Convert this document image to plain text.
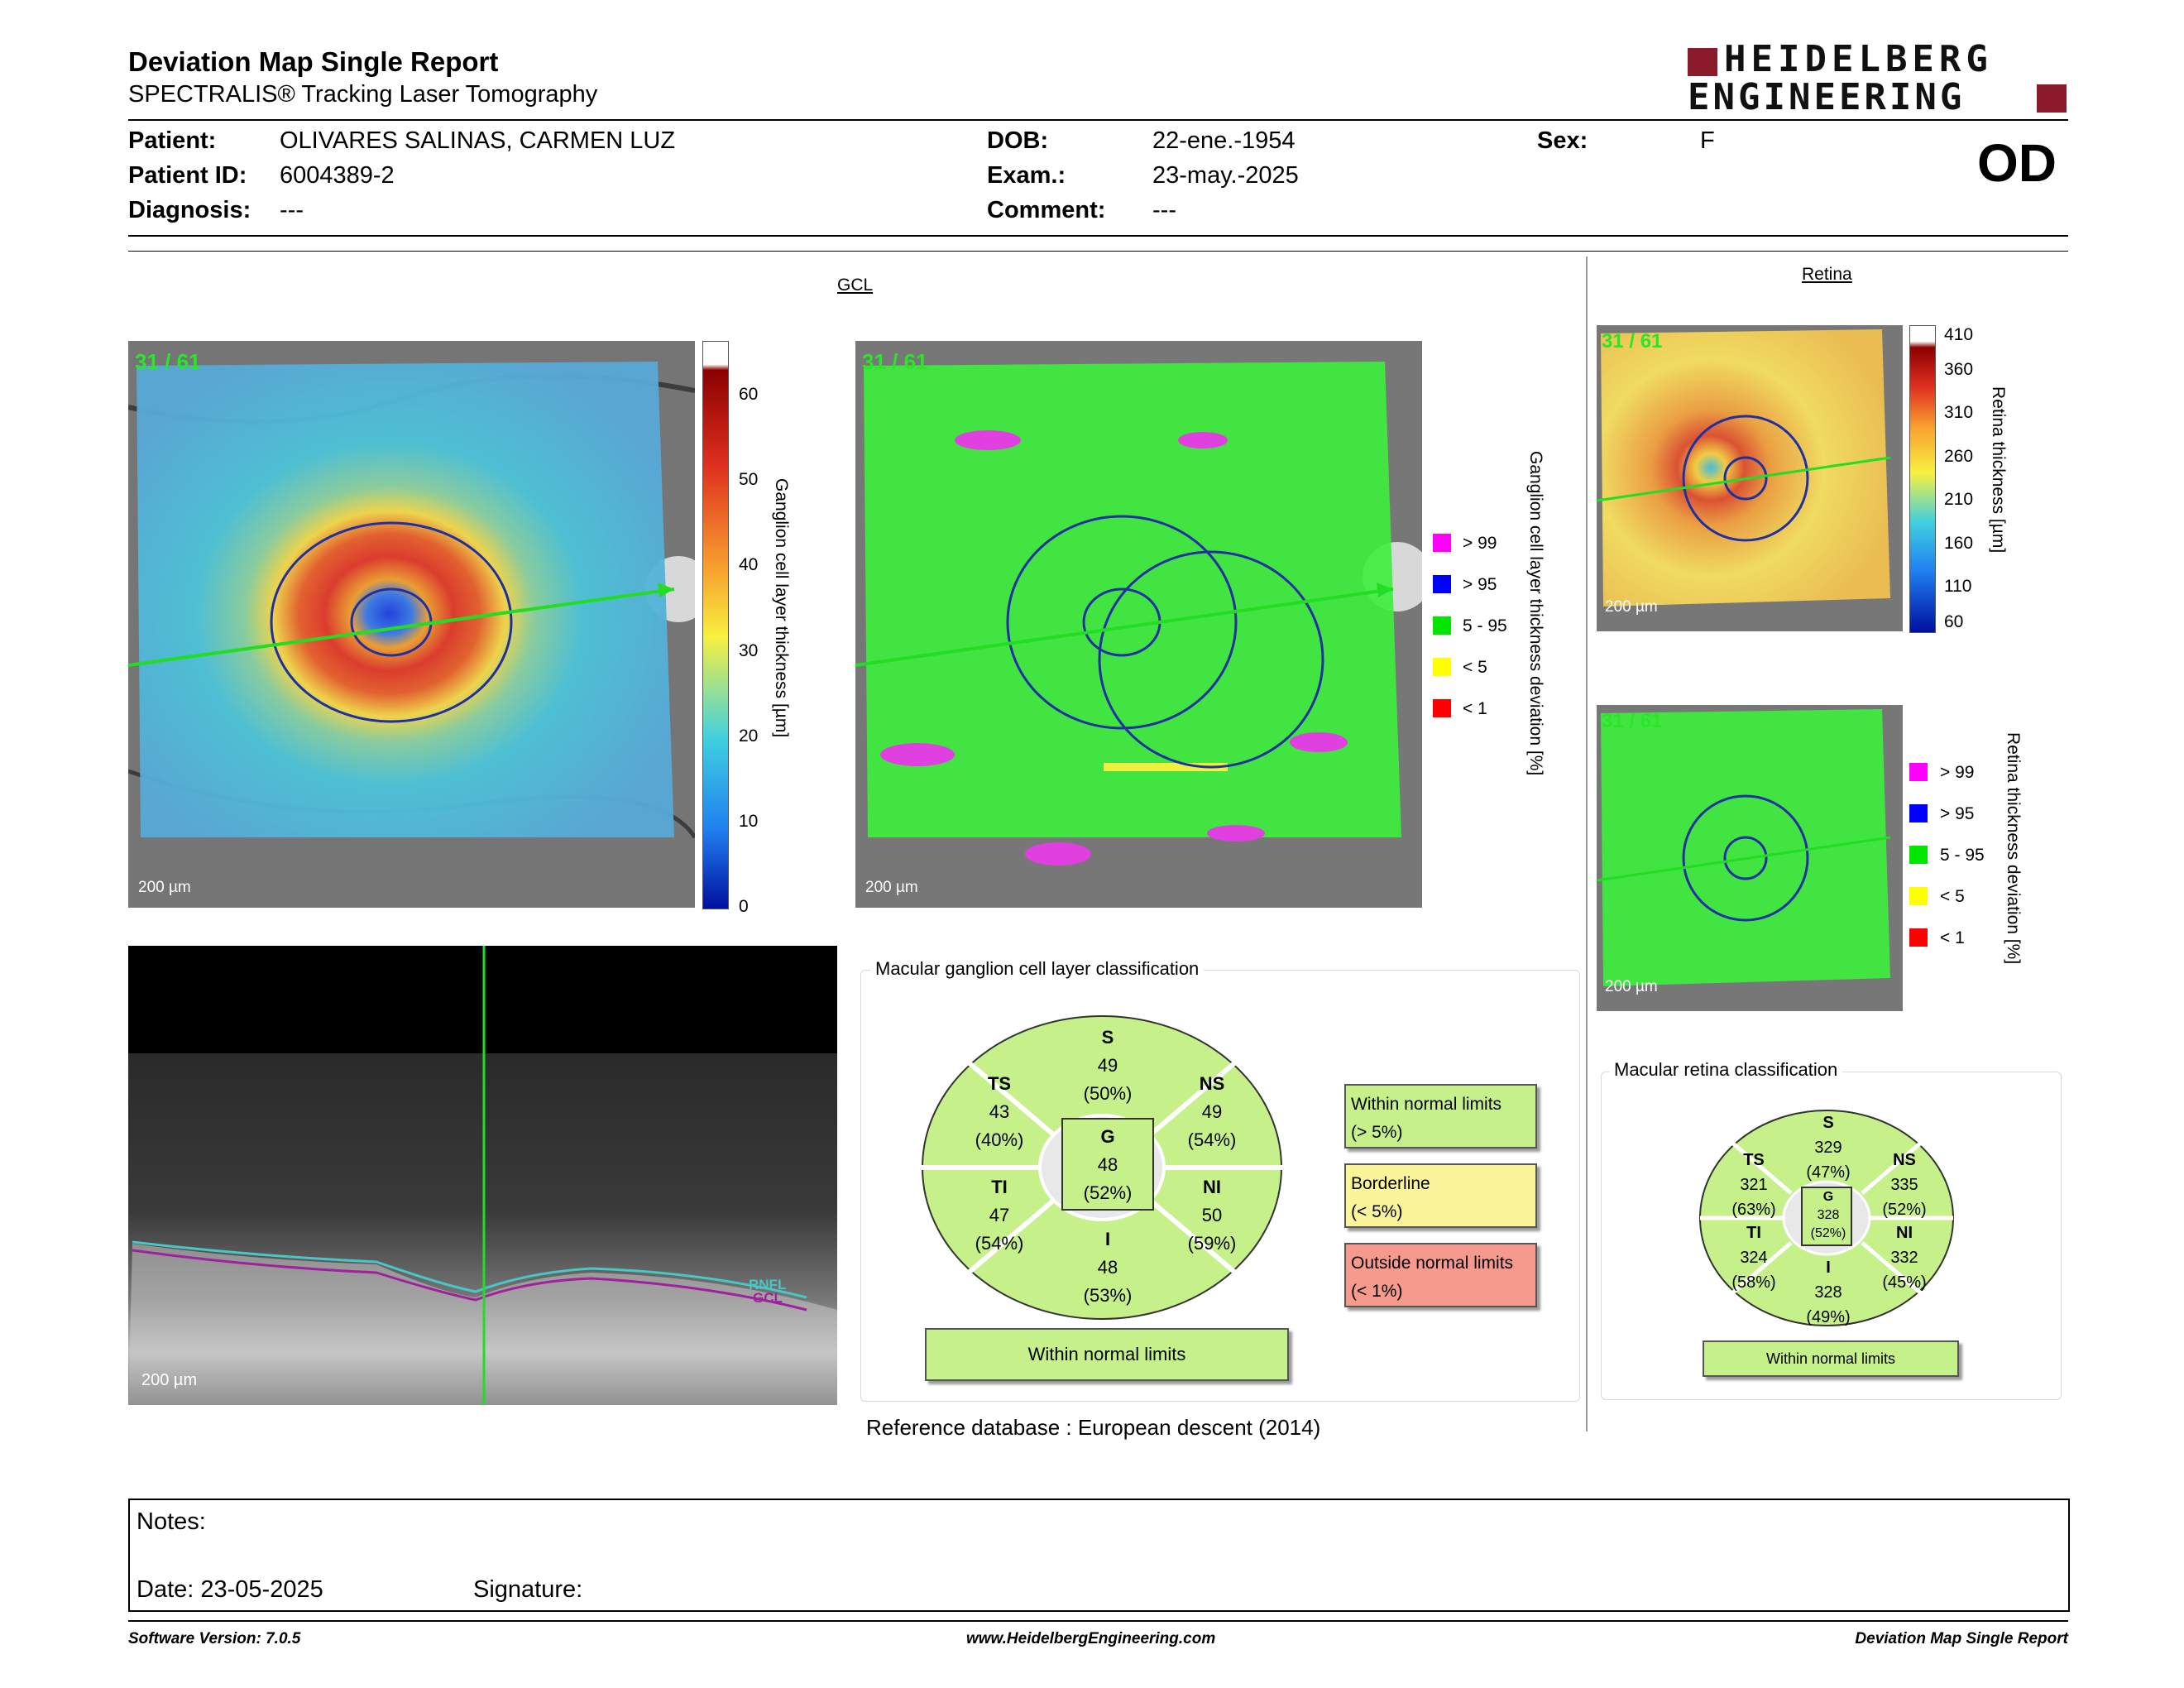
Deviation Map Single Report
SPECTRALIS® Tracking Laser Tomography
HEIDELBERG
ENGINEERING
Patient:	OLIVARES SALINAS, CARMEN LUZ
Patient ID: 6004389-2
Diagnosis: ---
DOB:	22-ene.-1954
Exam.:	23-may.-2025
Comment: ---
Sex:	F	OD
GCL
31 / 61
200 µm
60
50
40
30
20
10
0
Ganglion cell layer thickness [µm]
31 / 61
200 µm
> 99
> 95
5 - 95
< 5
< 1 Ganglion cell layer thickness deviation [%]
RNFL
GCL
200 µm
Macular ganglion cell layer classification
S
49
(50%)
TS
43
(40%)
NS
49
(54%)
G
48
(52%)
TI
47
(54%)
NI
50
(59%)
I
48
(53%)
Within normal limits
Within normal limits
(> 5%)
Borderline
(< 5%)
Outside normal limits
(< 1%)
Reference database : European descent (2014)
Retina
31 / 61
200 µm
410
360
310
260
210
160
110
60
Retina thickness [µm]
31 / 61
200 µm
> 99
> 95
5 - 95
< 5
< 1 Retina thickness deviation [%]
Macular retina classification
S
329
(47%)
TS
321
(63%)
NS
335
(52%)
G
328
(52%)
TI
324
(58%)
NI
332
(45%)
I
328
(49%)
Within normal limits
Notes:
Date: 23-05-2025	Signature:
Software Version: 7.0.5	www.HeidelbergEngineering.com	Deviation Map Single Report
